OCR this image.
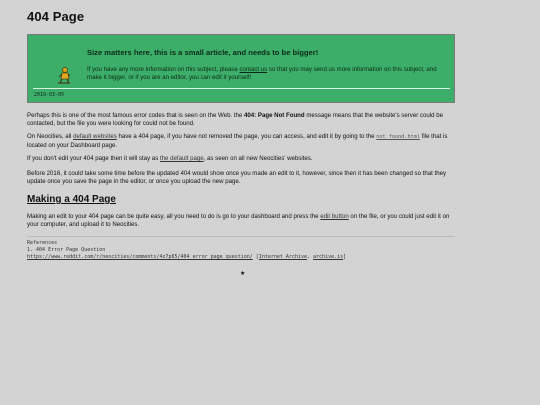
404 Page
Size matters here, this is a small article, and needs to be bigger!
If you have any more information on this subject, please contact us so that you may send us more information on this subject, and make it bigger, or if you are an editor, you can edit it yourself!
2019-03-05

Perhaps this is one of the most famous error codes that is seen on the Web. the 404: Page Not Found message means that the website's server could be contacted, but the file you were looking for could not be found.

On Neocities, all default websites have a 404 page, if you have not removed the page, you can access, and edit it by going to the not_found.html file that is located on your Dashboard page.

If you don't edit your 404 page then it will stay as the default page, as seen on all new Neocities' websites.

Before 2016, it could take some time before the updated 404 would show once you made an edit to it, however, since then it has been changed so that they update once you save the page in the editor, or once you upload the new page.

Making a 404 Page

Making an edit to your 404 page can be quite easy, all you need to do is go to your dashboard and press the edit button on the file, or you could just edit it on your computer, and upload it to Neocities.

References
1. 404 Error Page Question
https://www.reddit.com/r/neocities/comments/4z7p65/404_error_page_question/ [Internet Archive, archive.is]
★
